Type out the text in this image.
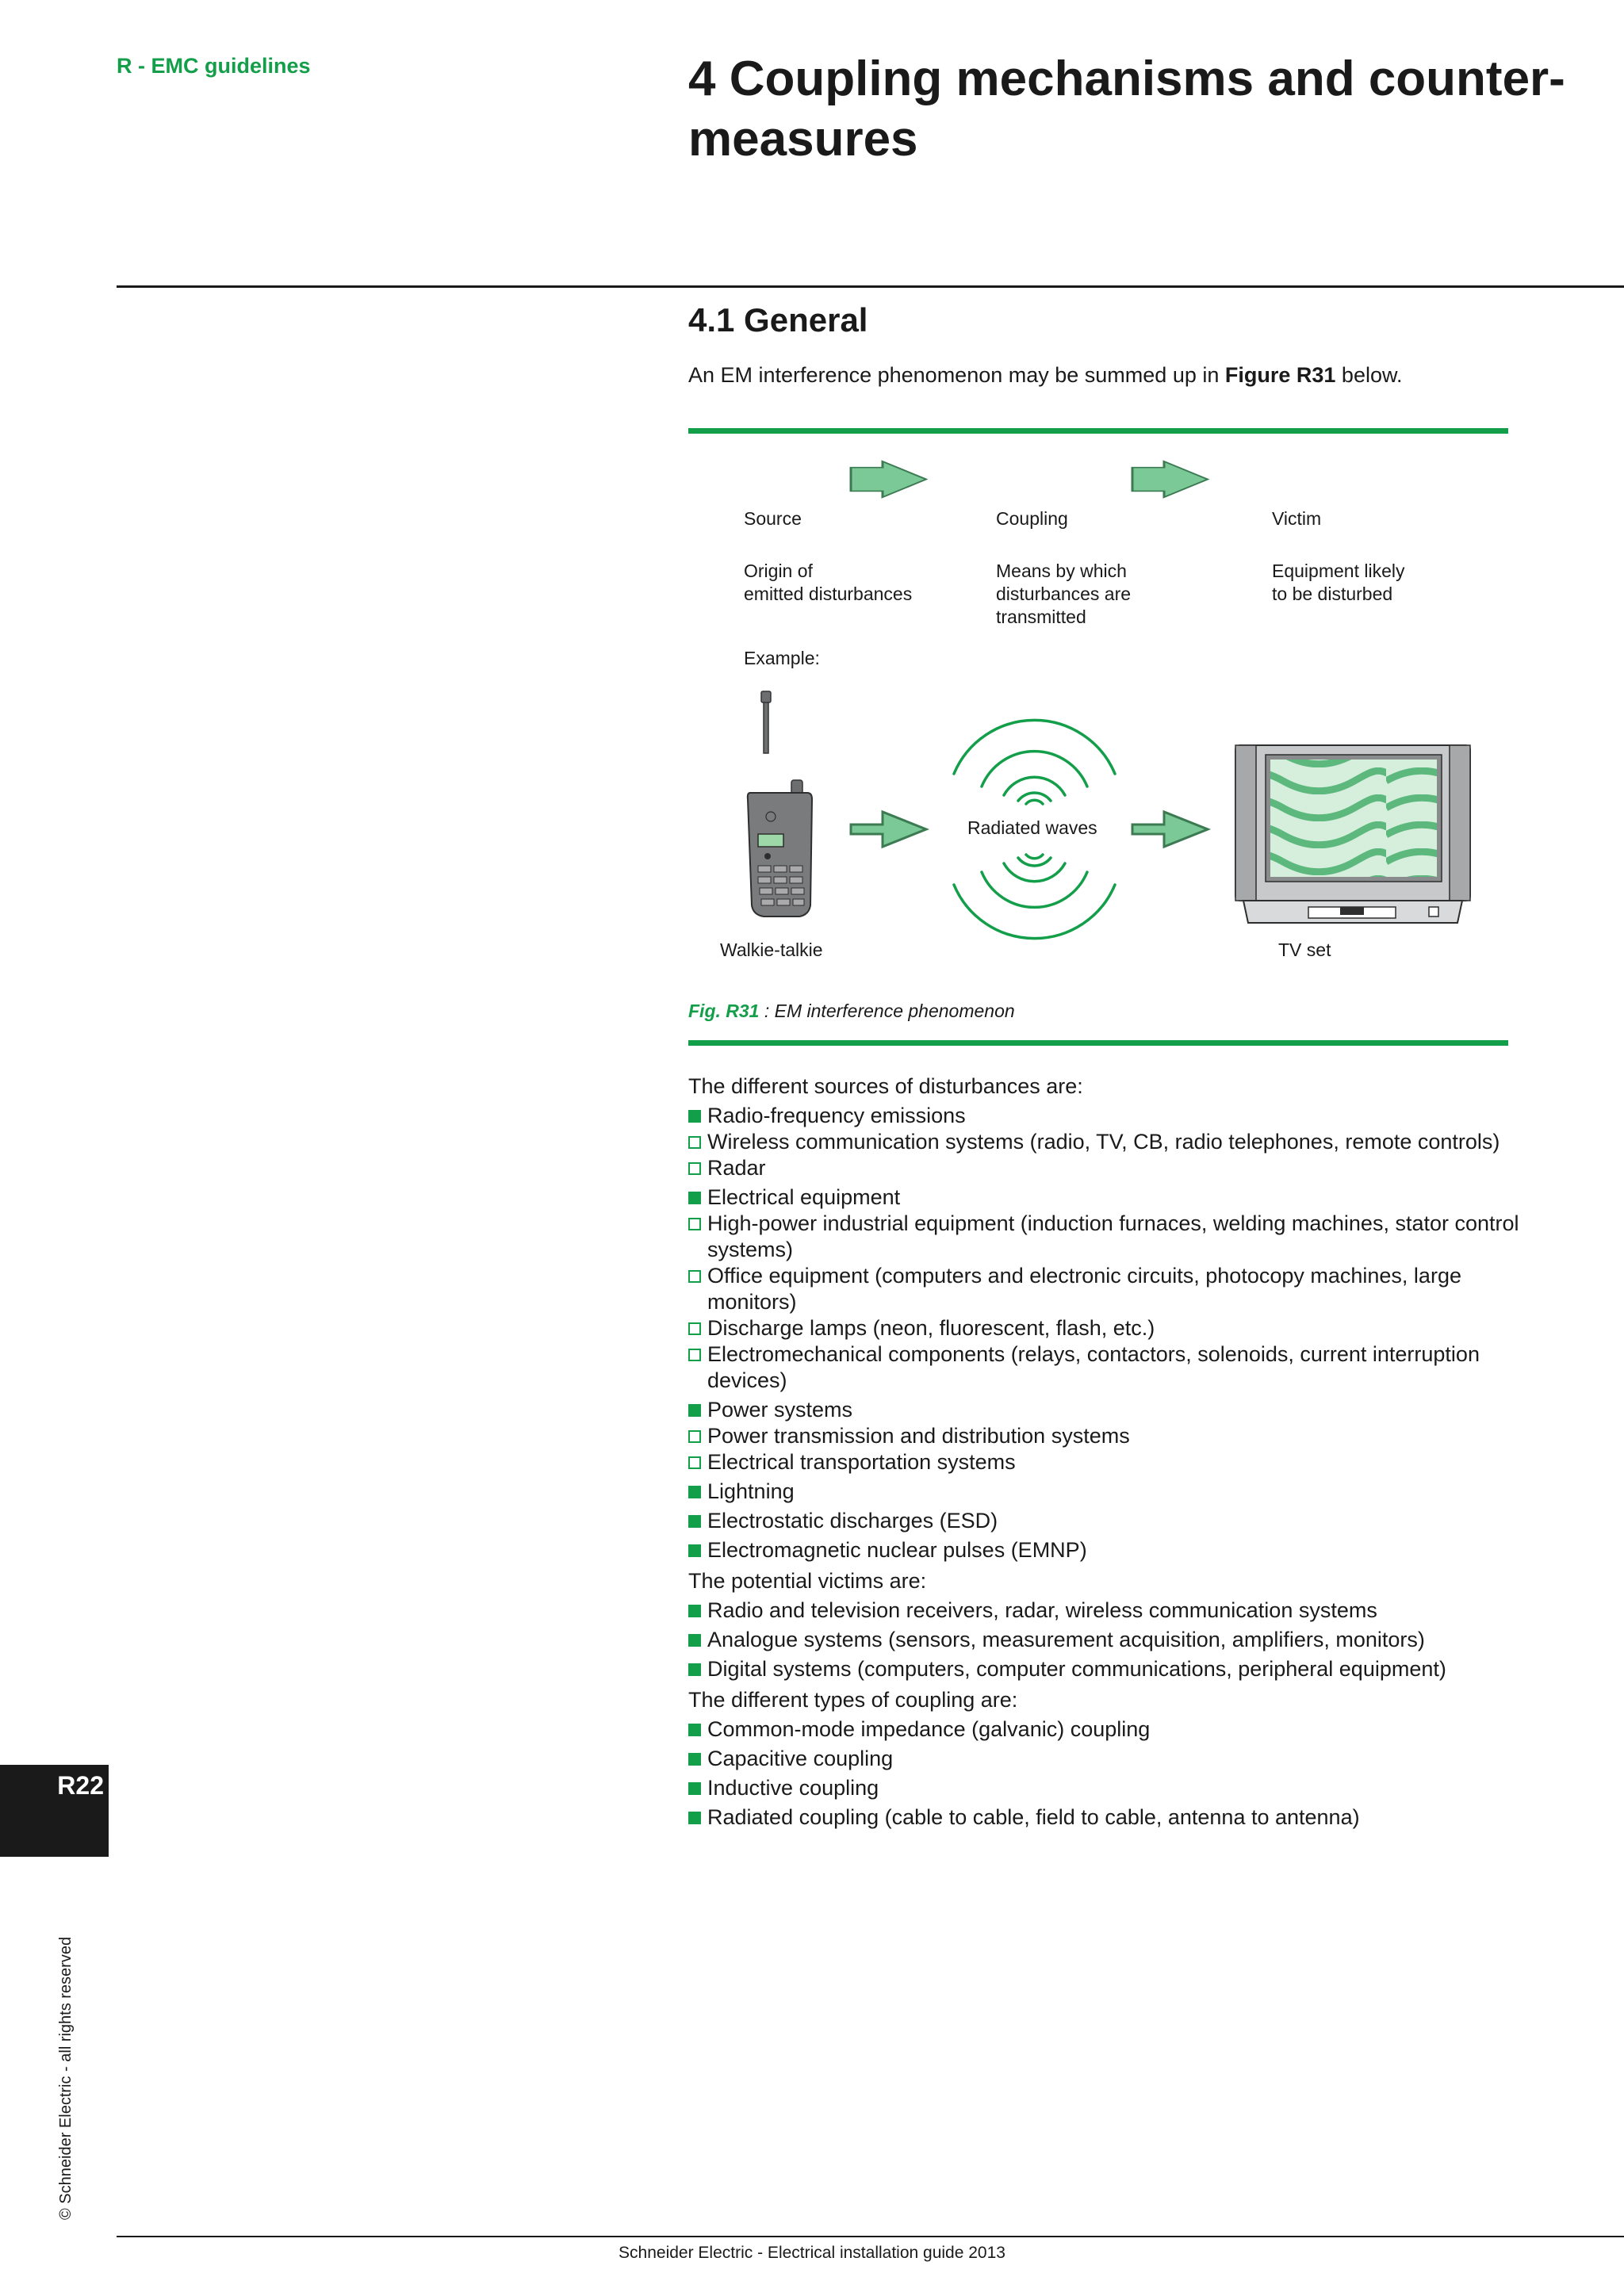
R - EMC guidelines	4 Coupling mechanisms and counter-measures
4.1 General
An EM interference phenomenon may be summed up in Figure R31 below.
Source
Origin of
emitted disturbances
Coupling
Means by which
disturbances are
transmitted
Victim
Equipment likely
to be disturbed
Example:
Radiated waves
Walkie-talkie	TV set
Fig. R31 : EM interference phenomenon
The different sources of disturbances are:
Radio-frequency emissions
Wireless communication systems (radio, TV, CB, radio telephones, remote controls)
Radar
Electrical equipment
High-power industrial equipment (induction furnaces, welding machines, stator control systems)
Office equipment (computers and electronic circuits, photocopy machines, large monitors)
Discharge lamps (neon, fluorescent, flash, etc.)
Electromechanical components (relays, contactors, solenoids, current interruption devices)
Power systems
Power transmission and distribution systems
Electrical transportation systems
Lightning
Electrostatic discharges (ESD)
Electromagnetic nuclear pulses (EMNP)
The potential victims are:
Radio and television receivers, radar, wireless communication systems
Analogue systems (sensors, measurement acquisition, amplifiers, monitors)
Digital systems (computers, computer communications, peripheral equipment)
The different types of coupling are:
Common-mode impedance (galvanic) coupling
Capacitive coupling
Inductive coupling
Radiated coupling (cable to cable, field to cable, antenna to antenna)
R22
© Schneider Electric - all rights reserved
Schneider Electric - Electrical installation guide 2013
